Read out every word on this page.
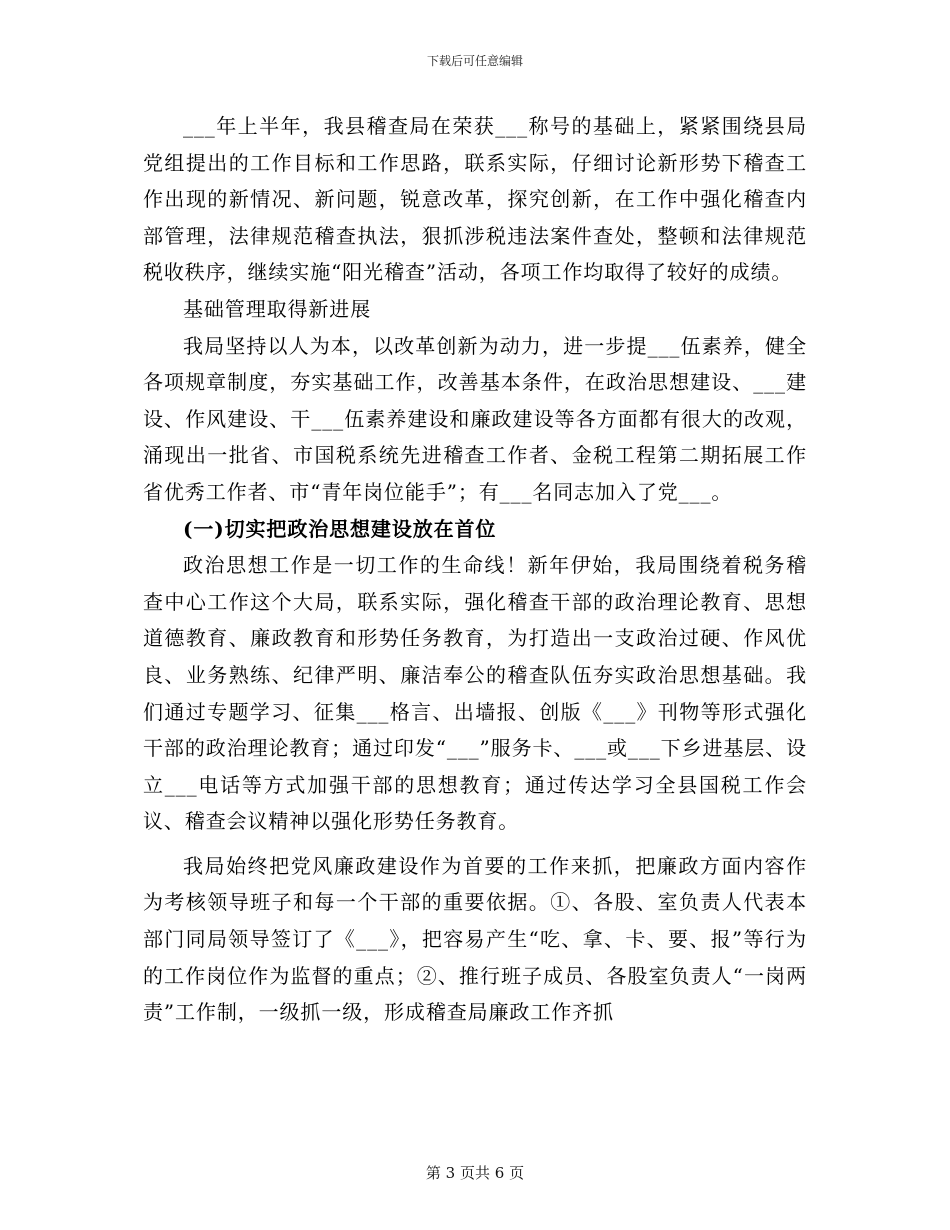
下载后可任意编辑

___年上半年，我县稽查局在荣获___称号的基础上，紧紧围绕县局党组提出的工作目标和工作思路，联系实际，仔细讨论新形势下稽查工作出现的新情况、新问题，锐意改革，探究创新，在工作中强化稽查内部管理，法律规范稽查执法，狠抓涉税违法案件查处，整顿和法律规范税收秩序，继续实施“阳光稽查”活动，各项工作均取得了较好的成绩。

基础管理取得新进展

我局坚持以人为本，以改革创新为动力，进一步提___伍素养，健全各项规章制度，夯实基础工作，改善基本条件，在政治思想建设、___建设、作风建设、干___伍素养建设和廉政建设等各方面都有很大的改观，涌现出一批省、市国税系统先进稽查工作者、金税工程第二期拓展工作省优秀工作者、市“青年岗位能手”；有___名同志加入了党___。

(一)切实把政治思想建设放在首位

政治思想工作是一切工作的生命线！新年伊始，我局围绕着税务稽查中心工作这个大局，联系实际，强化稽查干部的政治理论教育、思想道德教育、廉政教育和形势任务教育，为打造出一支政治过硬、作风优良、业务熟练、纪律严明、廉洁奉公的稽查队伍夯实政治思想基础。我们通过专题学习、征集___格言、出墙报、创版《___》刊物等形式强化干部的政治理论教育；通过印发“___”服务卡、___或___下乡进基层、设立___电话等方式加强干部的思想教育；通过传达学习全县国税工作会议、稽查会议精神以强化形势任务教育。

我局始终把党风廉政建设作为首要的工作来抓，把廉政方面内容作为考核领导班子和每一个干部的重要依据。①、各股、室负责人代表本部门同局领导签订了《___》，把容易产生“吃、拿、卡、要、报”等行为的工作岗位作为监督的重点；②、推行班子成员、各股室负责人“一岗两责”工作制，一级抓一级，形成稽查局廉政工作齐抓

第 3 页共 6 页
